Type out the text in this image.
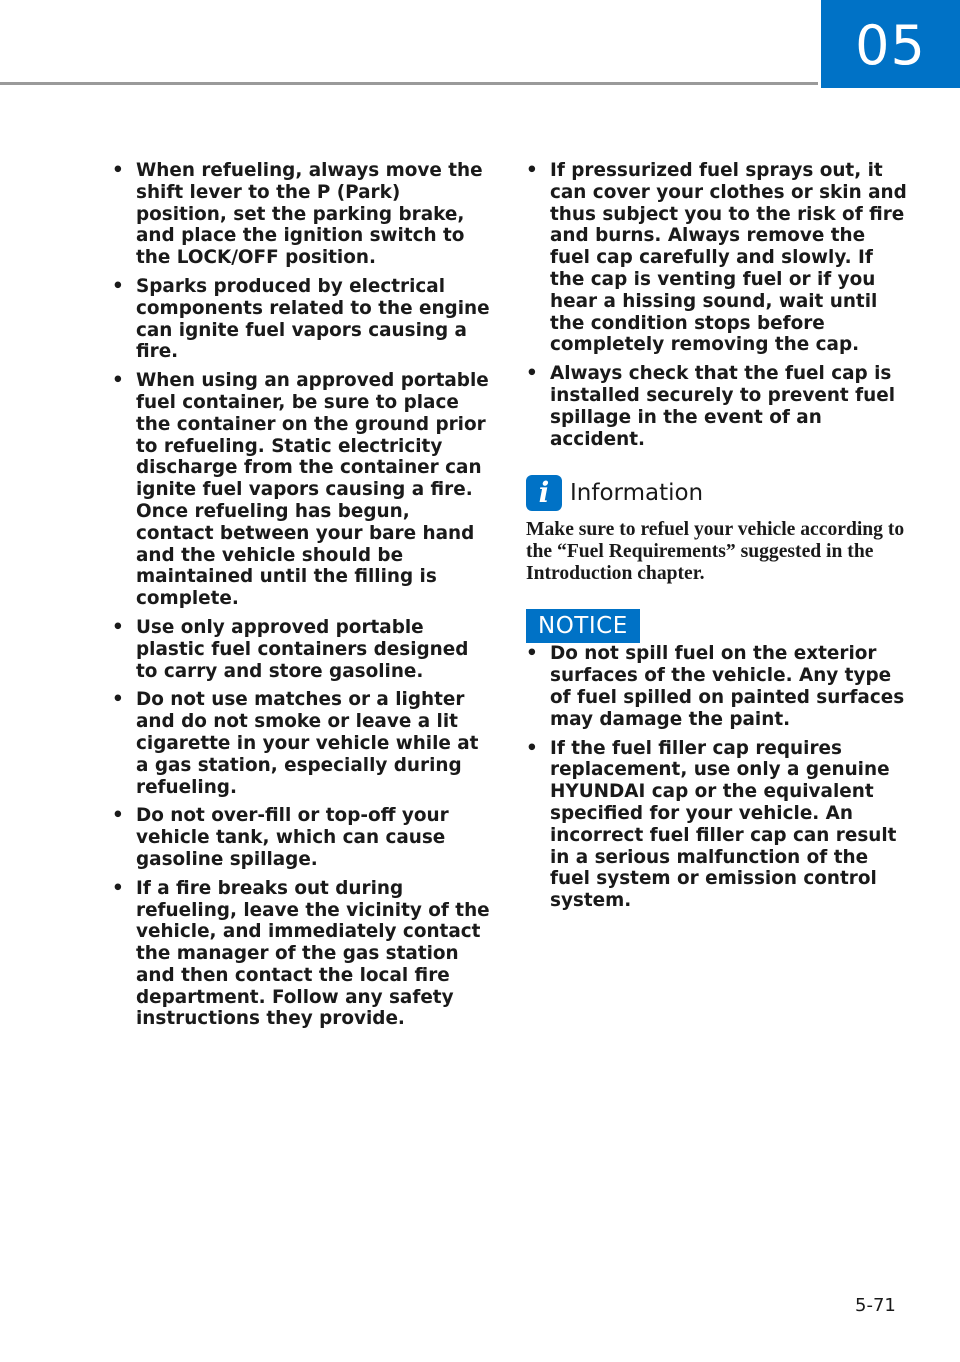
05
• When refueling, always move the shift lever to the P (Park) position, set the parking brake, and place the ignition switch to the LOCK/OFF position.
• Sparks produced by electrical components related to the engine can ignite fuel vapors causing a fire.
• When using an approved portable fuel container, be sure to place the container on the ground prior to refueling. Static electricity discharge from the container can ignite fuel vapors causing a fire. Once refueling has begun, contact between your bare hand and the vehicle should be maintained until the filling is complete.
• Use only approved portable plastic fuel containers designed to carry and store gasoline.
• Do not use matches or a lighter and do not smoke or leave a lit cigarette in your vehicle while at a gas station, especially during refueling.
• Do not over-fill or top-off your vehicle tank, which can cause gasoline spillage.
• If a fire breaks out during refueling, leave the vicinity of the vehicle, and immediately contact the manager of the gas station and then contact the local fire department. Follow any safety instructions they provide.
• If pressurized fuel sprays out, it can cover your clothes or skin and thus subject you to the risk of fire and burns. Always remove the fuel cap carefully and slowly. If the cap is venting fuel or if you hear a hissing sound, wait until the condition stops before completely removing the cap.
• Always check that the fuel cap is installed securely to prevent fuel spillage in the event of an accident.
i Information
Make sure to refuel your vehicle according to the “Fuel Requirements” suggested in the Introduction chapter.
NOTICE
• Do not spill fuel on the exterior surfaces of the vehicle. Any type of fuel spilled on painted surfaces may damage the paint.
• If the fuel filler cap requires replacement, use only a genuine HYUNDAI cap or the equivalent specified for your vehicle. An incorrect fuel filler cap can result in a serious malfunction of the fuel system or emission control system.
5-71
